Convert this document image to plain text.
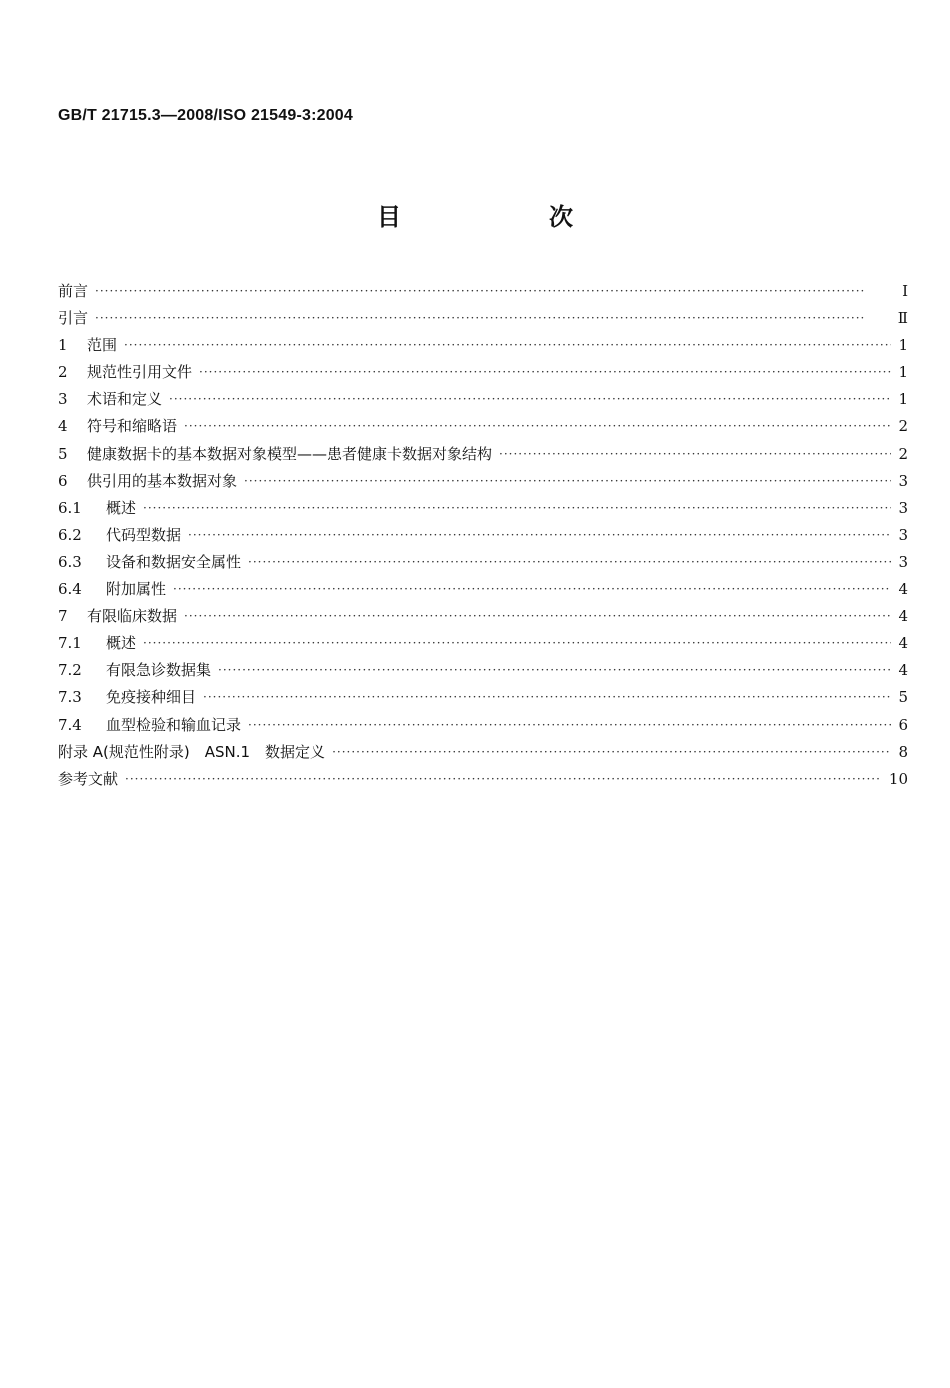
GB/T 21715.3—2008/ISO 21549-3:2004
目　次
前言 ·····	I
引言 ·····	Ⅱ
1	范围 ·····	1
2	规范性引用文件 ·····	1
3	术语和定义 ·····	1
4	符号和缩略语 ·····	2
5	健康数据卡的基本数据对象模型——患者健康卡数据对象结构 ·····	2
6	供引用的基本数据对象 ·····	3
6.1	概述 ·····	3
6.2	代码型数据 ·····	3
6.3	设备和数据安全属性 ·····	3
6.4	附加属性 ·····	4
7	有限临床数据 ·····	4
7.1	概述 ·····	4
7.2	有限急诊数据集 ·····	4
7.3	免疫接种细目 ·····	5
7.4	血型检验和输血记录 ·····	6
附录 A(规范性附录)　ASN.1　数据定义 ·····	8
参考文献 ·····	10
